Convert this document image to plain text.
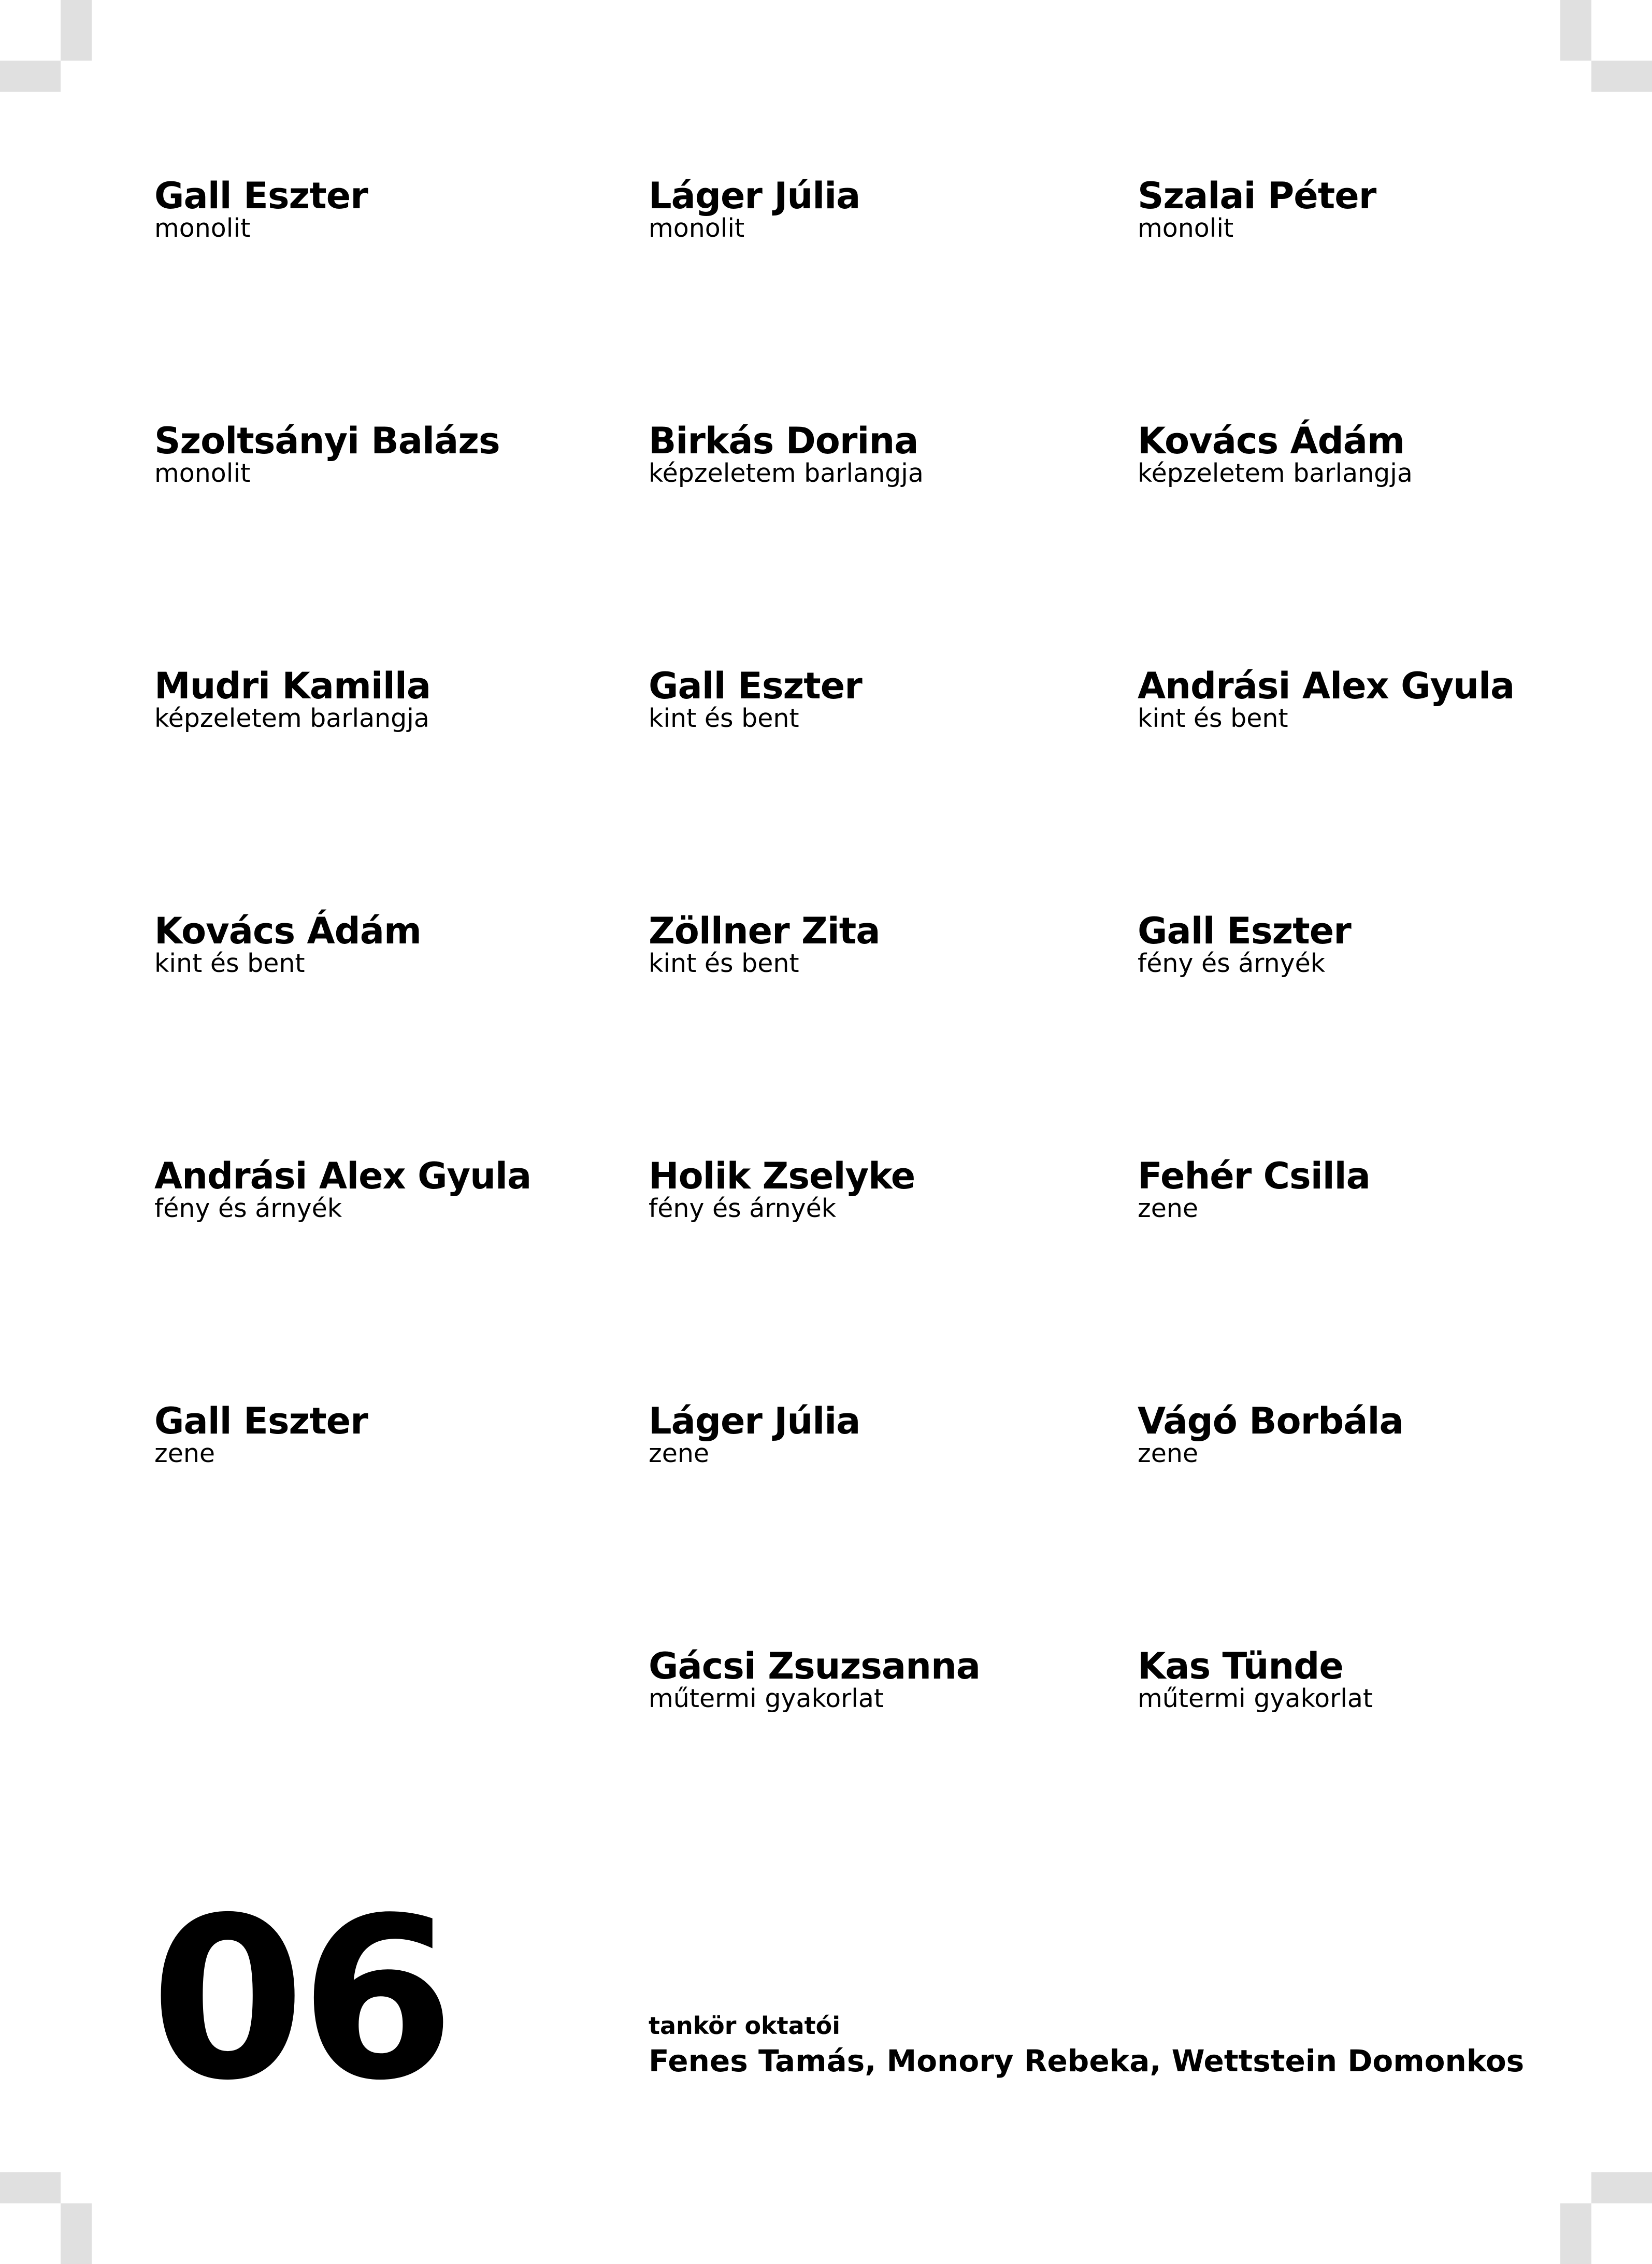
Gall Eszter
monolit
Láger Júlia
monolit
Szalai Péter
monolit
Szoltsányi Balázs
monolit
Birkás Dorina
képzeletem barlangja
Kovács Ádám
képzeletem barlangja
Mudri Kamilla
képzeletem barlangja
Gall Eszter
kint és bent
Andrási Alex Gyula
kint és bent
Kovács Ádám
kint és bent
Zöllner Zita
kint és bent
Gall Eszter
fény és árnyék
Andrási Alex Gyula
fény és árnyék
Holik Zselyke
fény és árnyék
Fehér Csilla
zene
Gall Eszter
zene
Láger Júlia
zene
Vágó Borbála
zene
Gácsi Zsuzsanna
műtermi gyakorlat
Kas Tünde
műtermi gyakorlat
06	tankör oktatói
Fenes Tamás, Monory Rebeka, Wettstein Domonkos
